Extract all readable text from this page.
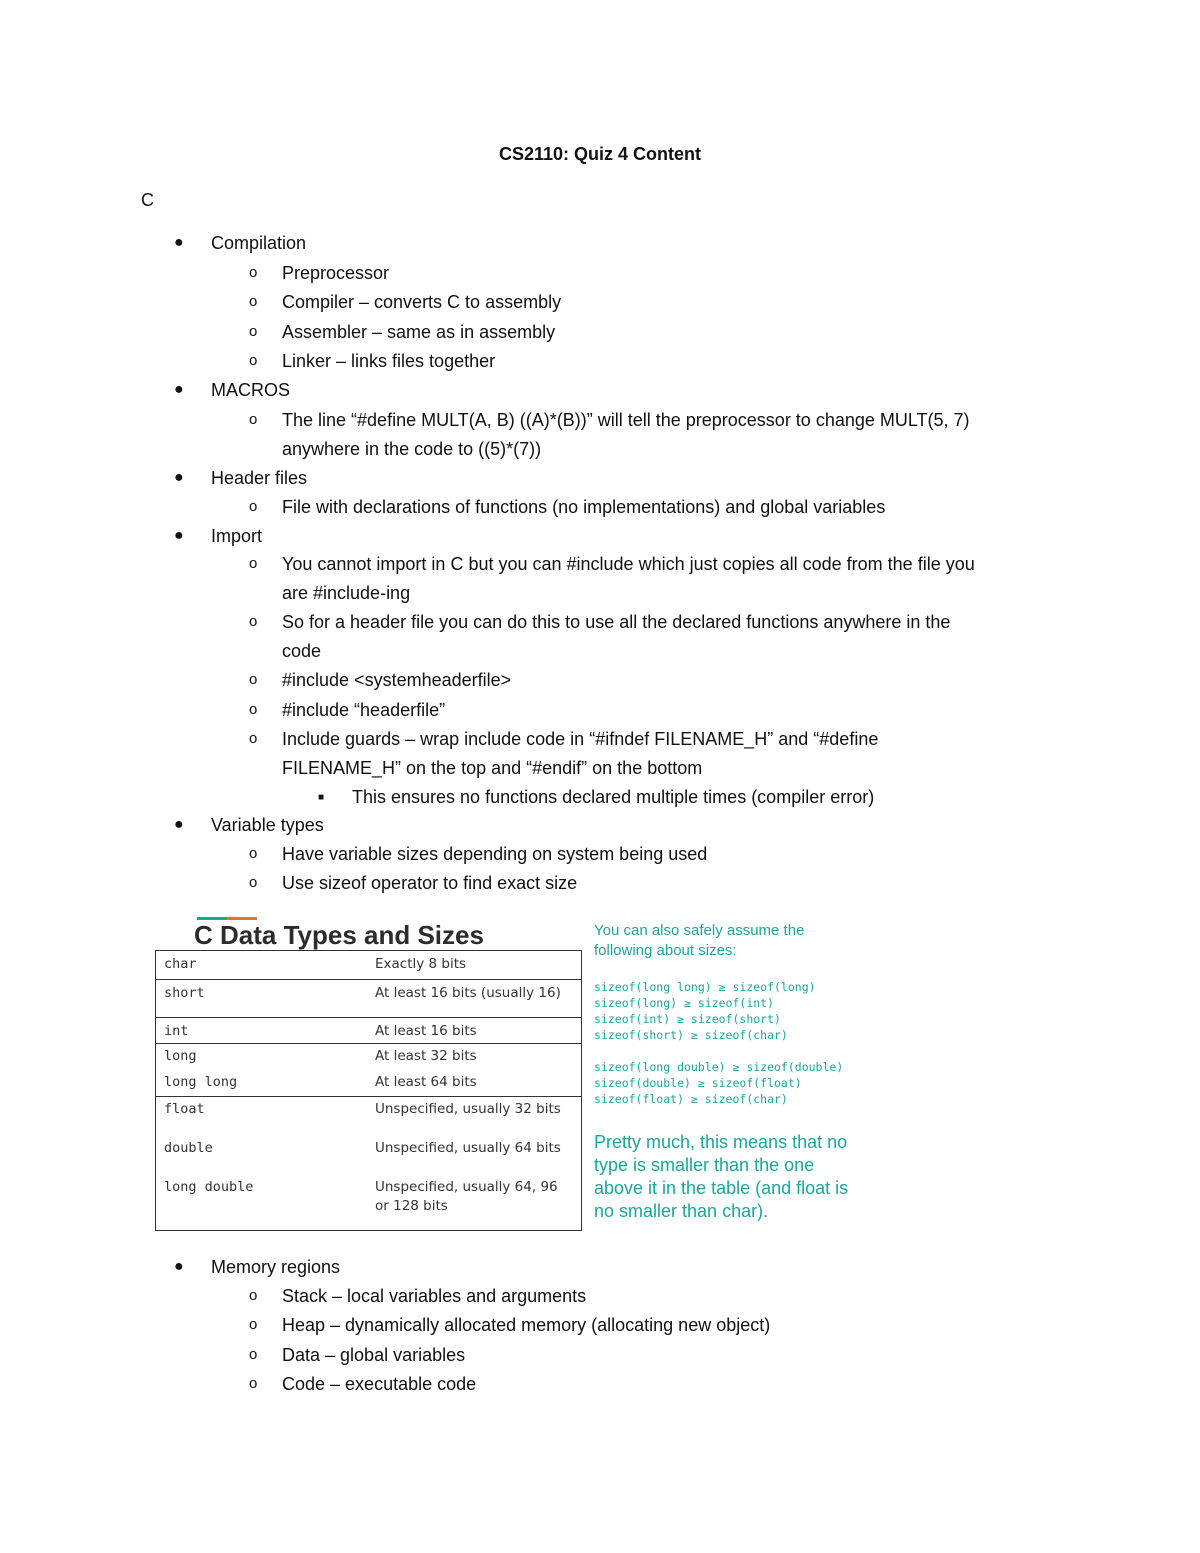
CS2110: Quiz 4 Content
C
● Compilation
o Preprocessor
o Compiler – converts C to assembly
o Assembler – same as in assembly
o Linker – links files together
● MACROS
o The line “#define MULT(A, B) ((A)*(B))” will tell the preprocessor to change MULT(5, 7)
anywhere in the code to ((5)*(7))
● Header files
o File with declarations of functions (no implementations) and global variables
● Import
o You cannot import in C but you can #include which just copies all code from the file you
are #include-ing
o So for a header file you can do this to use all the declared functions anywhere in the
code
o #include <systemheaderfile>
o #include “headerfile”
o Include guards – wrap include code in “#ifndef FILENAME_H” and “#define
FILENAME_H” on the top and “#endif” on the bottom
■ This ensures no functions declared multiple times (compiler error)
● Variable types
o Have variable sizes depending on system being used
o Use sizeof operator to find exact size
C Data Types and Sizes
char	Exactly 8 bits
short	At least 16 bits (usually 16)
int	At least 16 bits
long	At least 32 bits
long long	At least 64 bits
float	Unspecified, usually 32 bits
double	Unspecified, usually 64 bits
long double	Unspecified, usually 64, 96
or 128 bits
You can also safely assume the following about sizes:
sizeof(long long) ≥ sizeof(long)
sizeof(long) ≥ sizeof(int)
sizeof(int) ≥ sizeof(short)
sizeof(short) ≥ sizeof(char)
sizeof(long double) ≥ sizeof(double)
sizeof(double) ≥ sizeof(float)
sizeof(float) ≥ sizeof(char)
Pretty much, this means that no type is smaller than the one above it in the table (and float is no smaller than char).
● Memory regions
o Stack – local variables and arguments
o Heap – dynamically allocated memory (allocating new object)
o Data – global variables
o Code – executable code
